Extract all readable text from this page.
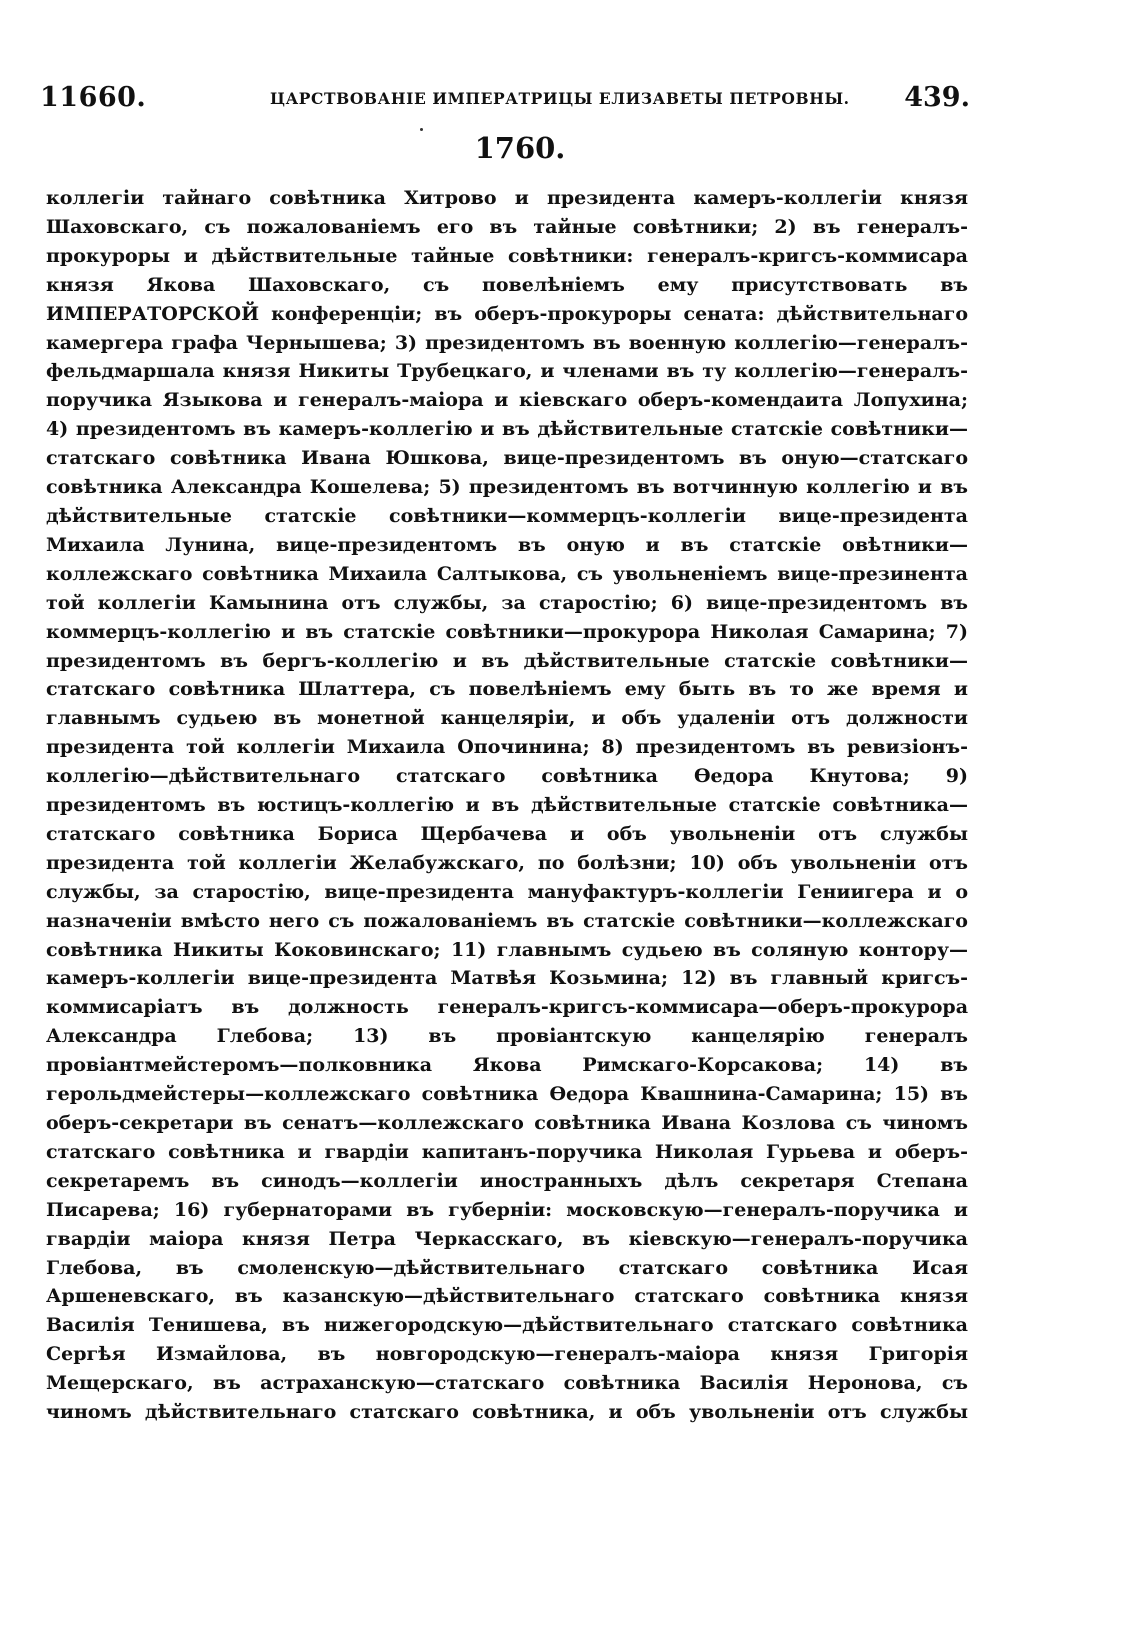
11660.	ЦАРСТВОВАНІЕ ИМПЕРАТРИЦЫ ЕЛИЗАВЕТЫ ПЕТРОВНЫ. 439.
1760.

коллегіи тайнаго совѣтника Хитрово и президента камеръ-коллегіи князя Шаховскаго, съ пожалованіемъ его въ тайные совѣтники; 2) въ генералъ-прокуроры и дѣйствительные тайные совѣтники: генералъ-кригсъ-коммисара князя Якова Шаховскаго, съ повелѣніемъ ему присутствовать въ ИМПЕРАТОРСКОЙ конференціи; въ оберъ-прокуроры сената: дѣйствительнаго камергера графа Чернышева; 3) президентомъ въ военную коллегію—генералъ-фельдмаршала князя Никиты Трубецкаго, и членами въ ту коллегію—генералъ-поручика Языкова и генералъ-маіора и кіевскаго оберъ-комендаита Лопухина; 4) президентомъ въ камеръ-коллегію и въ дѣйствительные статскіе совѣтники—статскаго совѣтника Ивана Юшкова, вице-президентомъ въ оную—статскаго совѣтника Александра Кошелева; 5) президентомъ въ вотчинную коллегію и въ дѣйствительные статскіе совѣтники—коммерцъ-коллегіи вице-президента Михаила Лунина, вице-президентомъ въ оную и въ статскіе овѣтники—коллежскаго совѣтника Михаила Салтыкова, съ увольненіемъ вице-презинента той коллегіи Камынина отъ службы, за старостію; 6) вице-президентомъ въ коммерцъ-коллегію и въ статскіе совѣтники—прокурора Николая Самарина; 7) президентомъ въ бергъ-коллегію и въ дѣйствительные статскіе совѣтники—статскаго совѣтника Шлаттера, съ повелѣніемъ ему быть въ то же время и главнымъ судьею въ монетной канцеляріи, и объ удаленіи отъ должности президента той коллегіи Михаила Опочинина; 8) президентомъ въ ревизіонъ-коллегію—дѣйствительнаго статскаго совѣтника Ѳедора Кнутова; 9) президентомъ въ юстицъ-коллегію и въ дѣйствительные статскіе совѣтника—статскаго совѣтника Бориса Щербачева и объ увольненіи отъ службы президента той коллегіи Желабужскаго, по болѣзни; 10) объ увольненіи отъ службы, за старостію, вице-президента мануфактуръ-коллегіи Гениигера и о назначеніи вмѣсто него съ пожалованіемъ въ статскіе совѣтники—коллежскаго совѣтника Никиты Коковинскаго; 11) главнымъ судьею въ соляную контору—камеръ-коллегіи вице-президента Матвѣя Козьмина; 12) въ главный кригсъ-коммисаріатъ въ должность генералъ-кригсъ-коммисара—оберъ-прокурора Александра Глебова; 13) въ провіантскую канцелярію генералъ провіантмейстеромъ—полковника Якова Римскаго-Корсакова; 14) въ герольдмейстеры—коллежскаго совѣтника Ѳедора Квашнина-Самарина; 15) въ оберъ-секретари въ сенатъ—коллежскаго совѣтника Ивана Козлова съ чиномъ статскаго совѣтника и гвардіи капитанъ-поручика Николая Гурьева и оберъ-секретаремъ въ синодъ—коллегіи иностранныхъ дѣлъ секретаря Степана Писарева; 16) губернаторами въ губерніи: московскую—генералъ-поручика и гвардіи маіора князя Петра Черкасскаго, въ кіевскую—генералъ-поручика Глебова, въ смоленскую—дѣйствительнаго статскаго совѣтника Исая Аршеневскаго, въ казанскую—дѣйствительнаго статскаго совѣтника князя Василія Тенишева, въ нижегородскую—дѣйствительнаго статскаго совѣтника Сергѣя Измайлова, въ новгородскую—генералъ-маіора князя Григорія Мещерскаго, въ астраханскую—статскаго совѣтника Василія Неронова, съ чиномъ дѣйствительнаго статскаго совѣтника, и объ увольненіи отъ службы
